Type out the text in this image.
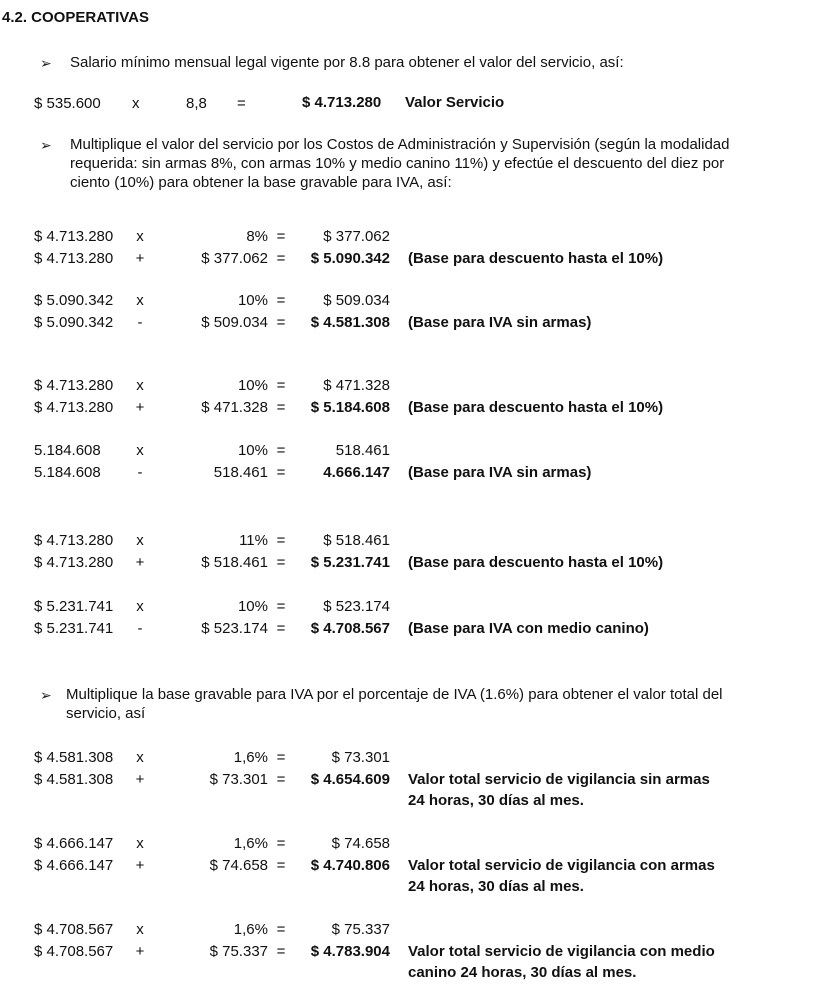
4.2. COOPERATIVAS
➢ Salario mínimo mensual legal vigente por 8.8 para obtener el valor del servicio, así:
$ 535.600 x	8,8 =	$ 4.713.280 Valor Servicio
➢ Multiplique el valor del servicio por los Costos de Administración y Supervisión (según la modalidad
requerida: sin armas 8%, con armas 10% y medio canino 11%) y efectúe el descuento del diez por
ciento (10%) para obtener la base gravable para IVA, así:
$ 4.713.280	x	8% =	$ 377.062
$ 4.713.280	+	$ 377.062 =	$ 5.090.342 (Base para descuento hasta el 10%)
$ 5.090.342	x	10% =	$ 509.034
$ 5.090.342	-	$ 509.034 =	$ 4.581.308 (Base para IVA sin armas)
$ 4.713.280	x	10% =	$ 471.328
$ 4.713.280	+	$ 471.328 =	$ 5.184.608 (Base para descuento hasta el 10%)
5.184.608	x	10% =	518.461
5.184.608	-	518.461 =	4.666.147 (Base para IVA sin armas)
$ 4.713.280	x	11% =	$ 518.461
$ 4.713.280	+	$ 518.461 =	$ 5.231.741 (Base para descuento hasta el 10%)
$ 5.231.741	x	10% =	$ 523.174
$ 5.231.741	-	$ 523.174 =	$ 4.708.567 (Base para IVA con medio canino)
➢ Multiplique la base gravable para IVA por el porcentaje de IVA (1.6%) para obtener el valor total del
servicio, así
$ 4.581.308	x	1,6% =	$ 73.301
$ 4.581.308	+	$ 73.301 =	$ 4.654.609 Valor total servicio de vigilancia sin armas
24 horas, 30 días al mes.
$ 4.666.147	x	1,6% =	$ 74.658
$ 4.666.147	+	$ 74.658 =	$ 4.740.806 Valor total servicio de vigilancia con armas
24 horas, 30 días al mes.
$ 4.708.567	x	1,6% =	$ 75.337
$ 4.708.567	+	$ 75.337 =	$ 4.783.904 Valor total servicio de vigilancia con medio
canino 24 horas, 30 días al mes.
